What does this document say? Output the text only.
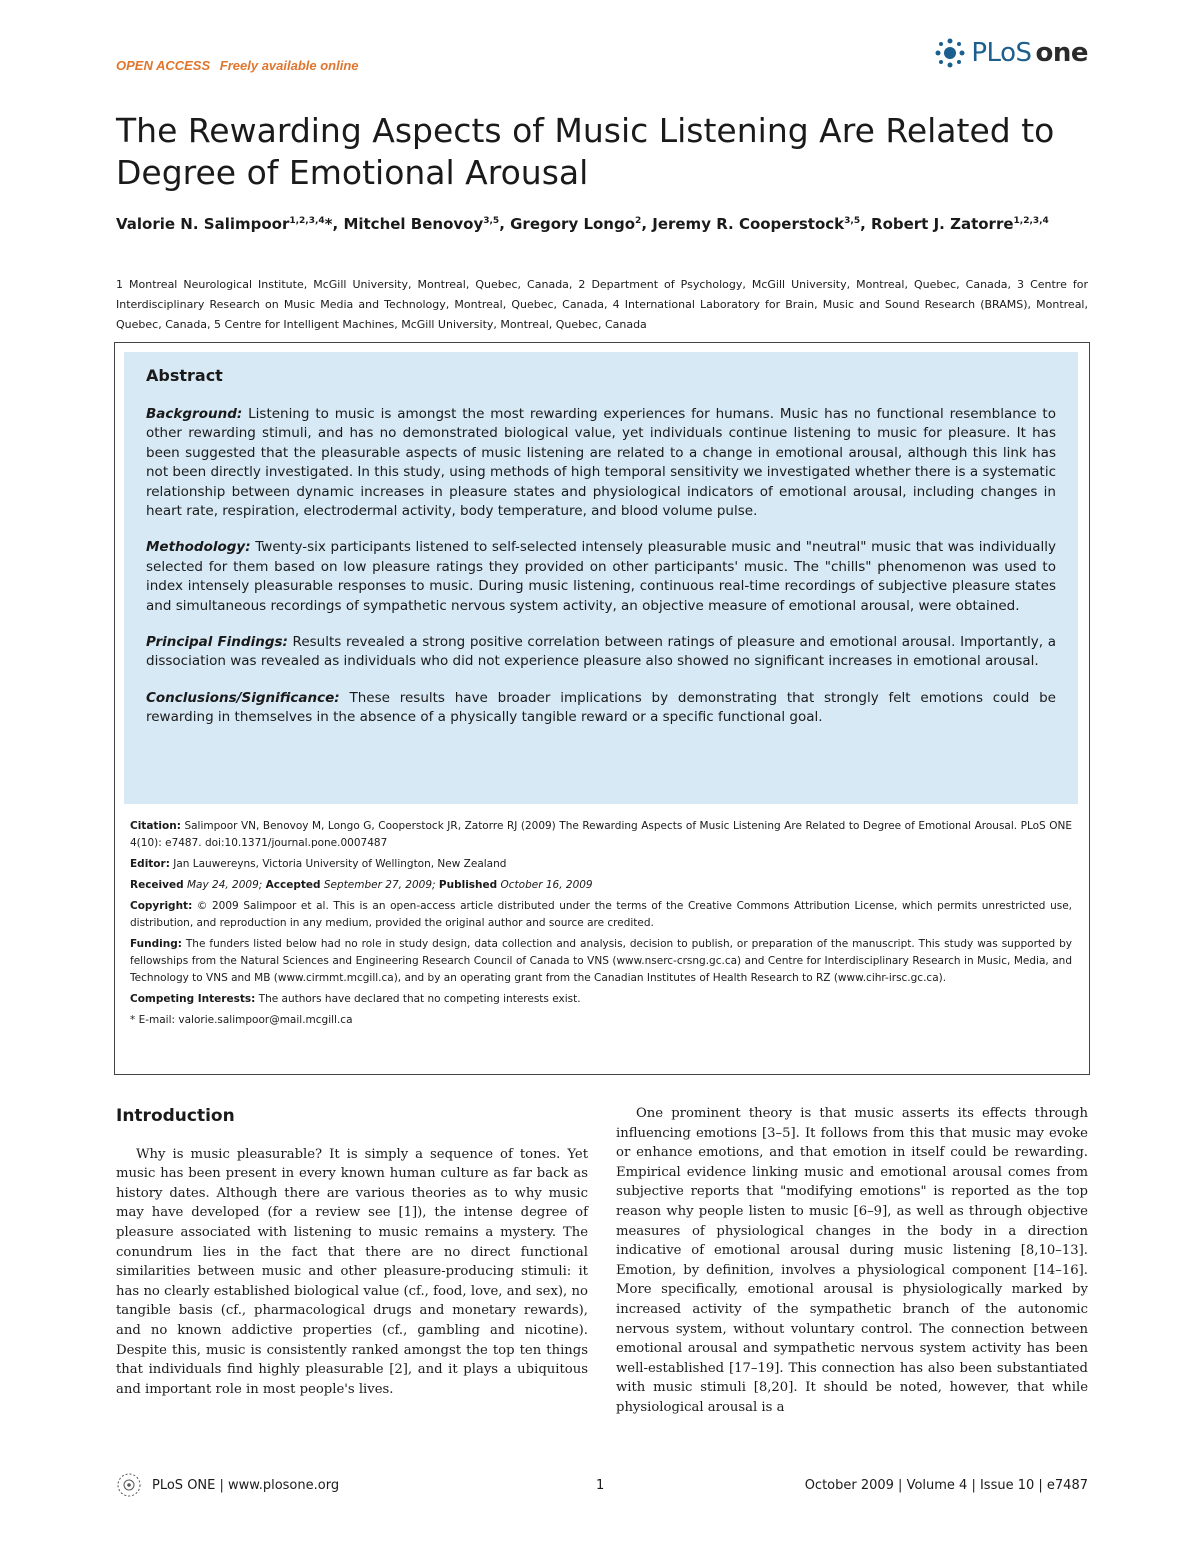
OPEN ACCESS Freely available online	PLoS one
The Rewarding Aspects of Music Listening Are Related to Degree of Emotional Arousal
Valorie N. Salimpoor$^{1,2,3,4}$*, Mitchel Benovoy$^{3,5}$, Gregory Longo$^2$, Jeremy R. Cooperstock$^{3,5}$, Robert J. Zatorre$^{1,2,3,4}$
1 Montreal Neurological Institute, McGill University, Montreal, Quebec, Canada, 2 Department of Psychology, McGill University, Montreal, Quebec, Canada, 3 Centre for Interdisciplinary Research on Music Media and Technology, Montreal, Quebec, Canada, 4 International Laboratory for Brain, Music and Sound Research (BRAMS), Montreal, Quebec, Canada, 5 Centre for Intelligent Machines, McGill University, Montreal, Quebec, Canada
Abstract

Background: Listening to music is amongst the most rewarding experiences for humans. Music has no functional resemblance to other rewarding stimuli, and has no demonstrated biological value, yet individuals continue listening to music for pleasure. It has been suggested that the pleasurable aspects of music listening are related to a change in emotional arousal, although this link has not been directly investigated. In this study, using methods of high temporal sensitivity we investigated whether there is a systematic relationship between dynamic increases in pleasure states and physiological indicators of emotional arousal, including changes in heart rate, respiration, electrodermal activity, body temperature, and blood volume pulse.

Methodology: Twenty-six participants listened to self-selected intensely pleasurable music and "neutral" music that was individually selected for them based on low pleasure ratings they provided on other participants' music. The "chills" phenomenon was used to index intensely pleasurable responses to music. During music listening, continuous real-time recordings of subjective pleasure states and simultaneous recordings of sympathetic nervous system activity, an objective measure of emotional arousal, were obtained.

Principal Findings: Results revealed a strong positive correlation between ratings of pleasure and emotional arousal. Importantly, a dissociation was revealed as individuals who did not experience pleasure also showed no significant increases in emotional arousal.

Conclusions/Significance: These results have broader implications by demonstrating that strongly felt emotions could be rewarding in themselves in the absence of a physically tangible reward or a specific functional goal.

Citation: Salimpoor VN, Benovoy M, Longo G, Cooperstock JR, Zatorre RJ (2009) The Rewarding Aspects of Music Listening Are Related to Degree of Emotional Arousal. PLoS ONE 4(10): e7487. doi:10.1371/journal.pone.0007487

Editor: Jan Lauwereyns, Victoria University of Wellington, New Zealand

Received May 24, 2009; Accepted September 27, 2009; Published October 16, 2009

Copyright: © 2009 Salimpoor et al. This is an open-access article distributed under the terms of the Creative Commons Attribution License, which permits unrestricted use, distribution, and reproduction in any medium, provided the original author and source are credited.

Funding: The funders listed below had no role in study design, data collection and analysis, decision to publish, or preparation of the manuscript. This study was supported by fellowships from the Natural Sciences and Engineering Research Council of Canada to VNS (www.nserc-crsng.gc.ca) and Centre for Interdisciplinary Research in Music, Media, and Technology to VNS and MB (www.cirmmt.mcgill.ca), and by an operating grant from the Canadian Institutes of Health Research to RZ (www.cihr-irsc.gc.ca).

Competing Interests: The authors have declared that no competing interests exist.

* E-mail: valorie.salimpoor@mail.mcgill.ca

Introduction

Why is music pleasurable? It is simply a sequence of tones. Yet music has been present in every known human culture as far back as history dates. Although there are various theories as to why music may have developed (for a review see [1]), the intense degree of pleasure associated with listening to music remains a mystery. The conundrum lies in the fact that there are no direct functional similarities between music and other pleasure-producing stimuli: it has no clearly established biological value (cf., food, love, and sex), no tangible basis (cf., pharmacological drugs and monetary rewards), and no known addictive properties (cf., gambling and nicotine). Despite this, music is consistently ranked amongst the top ten things that individuals find highly pleasurable [2], and it plays a ubiquitous and important role in most people's lives.

One prominent theory is that music asserts its effects through influencing emotions [3–5]. It follows from this that music may evoke or enhance emotions, and that emotion in itself could be rewarding. Empirical evidence linking music and emotional arousal comes from subjective reports that "modifying emotions" is reported as the top reason why people listen to music [6–9], as well as through objective measures of physiological changes in the body in a direction indicative of emotional arousal during music listening [8,10–13]. Emotion, by definition, involves a physiological component [14–16]. More specifically, emotional arousal is physiologically marked by increased activity of the sympathetic branch of the autonomic nervous system, without voluntary control. The connection between emotional arousal and sympathetic nervous system activity has been well-established [17–19]. This connection has also been substantiated with music stimuli [8,20]. It should be noted, however, that while physiological arousal is a

PLoS ONE | www.plosone.org	1	October 2009 | Volume 4 | Issue 10 | e7487
